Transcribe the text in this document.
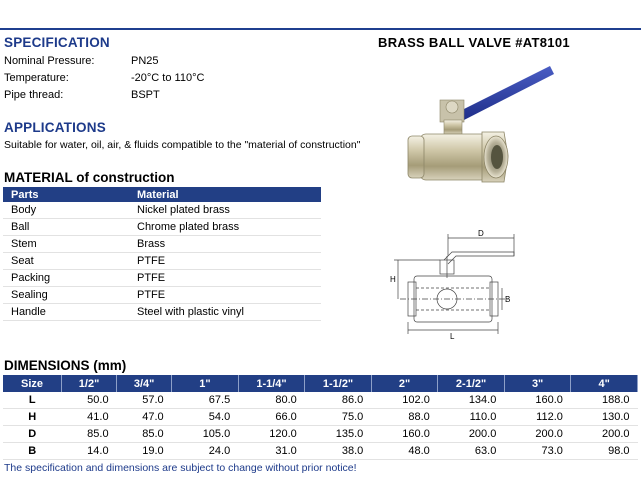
SPECIFICATION
Nominal Pressure:	PN25
Temperature:	-20°C to 110°C
Pipe thread:	BSPT
APPLICATIONS
Suitable for water, oil, air, & fluids compatible to the "material of construction"
MATERIAL of construction
Parts	Material
Body	Nickel plated brass
Ball	Chrome plated brass
Stem	Brass
Seat	PTFE
Packing	PTFE
Sealing	PTFE
Handle	Steel with plastic vinyl
BRASS BALL VALVE #AT8101
D
H
B
L
DIMENSIONS (mm)
Size	1/2"	3/4"	1"	1-1/4"	1-1/2"	2"	2-1/2"	3"	4"
L	50.0	57.0	67.5	80.0	86.0	102.0	134.0	160.0	188.0
H	41.0	47.0	54.0	66.0	75.0	88.0	110.0	112.0	130.0
D	85.0	85.0	105.0	120.0	135.0	160.0	200.0	200.0	200.0
B	14.0	19.0	24.0	31.0	38.0	48.0	63.0	73.0	98.0
The specification and dimensions are subject to change without prior notice!
